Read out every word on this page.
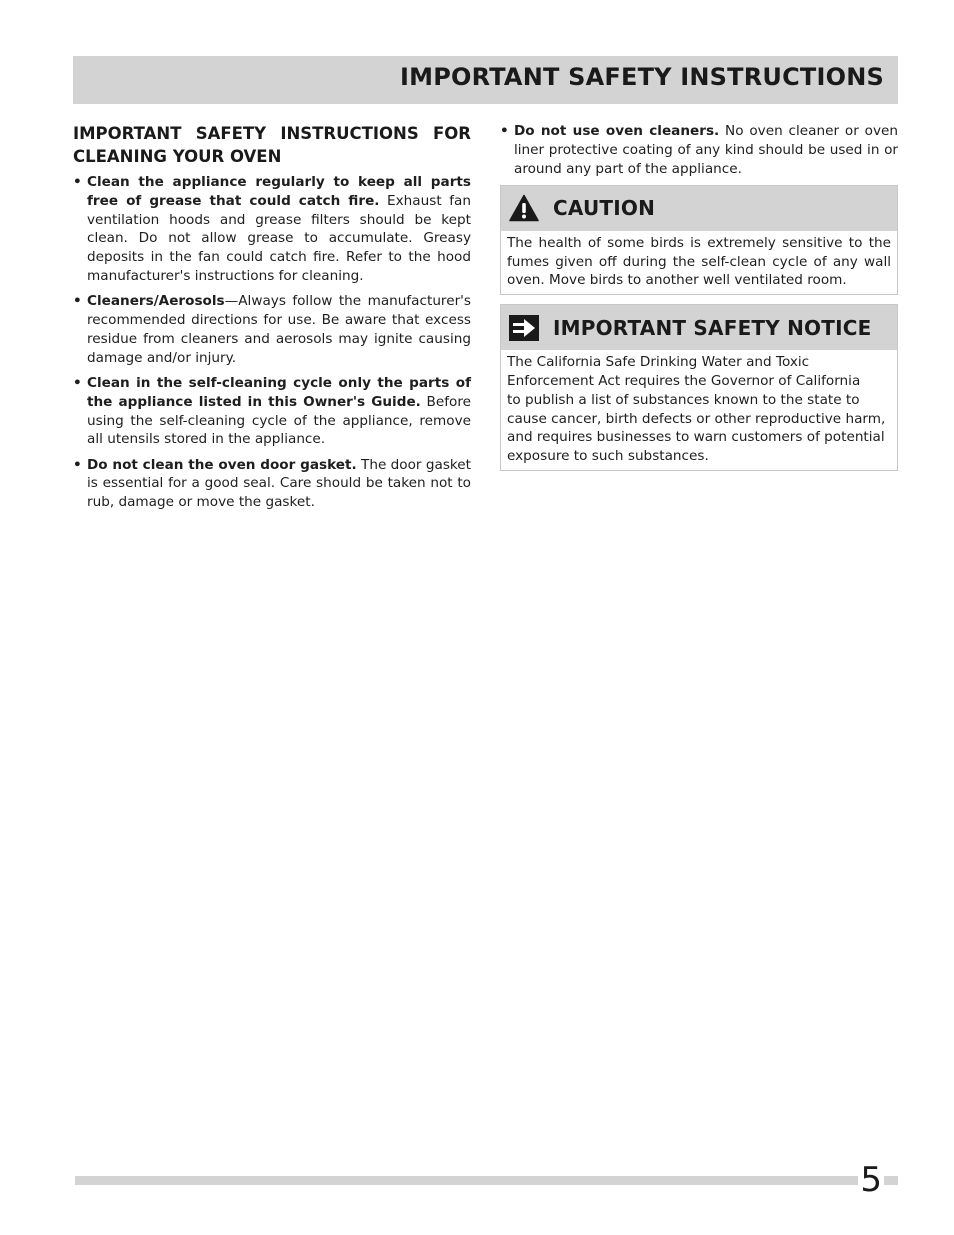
IMPORTANT SAFETY INSTRUCTIONS
IMPORTANT SAFETY INSTRUCTIONS FOR CLEANING YOUR OVEN
• Clean the appliance regularly to keep all parts free of grease that could catch fire. Exhaust fan ventilation hoods and grease filters should be kept clean. Do not allow grease to accumulate. Greasy deposits in the fan could catch fire. Refer to the hood manufacturer's instructions for cleaning.
• Cleaners/Aerosols—Always follow the manufacturer's recommended directions for use. Be aware that excess residue from cleaners and aerosols may ignite causing damage and/or injury.
• Clean in the self-cleaning cycle only the parts of the appliance listed in this Owner's Guide. Before using the self-cleaning cycle of the appliance, remove all utensils stored in the appliance.
• Do not clean the oven door gasket. The door gasket is essential for a good seal. Care should be taken not to rub, damage or move the gasket.
• Do not use oven cleaners. No oven cleaner or oven liner protective coating of any kind should be used in or around any part of the appliance.
CAUTION
The health of some birds is extremely sensitive to the fumes given off during the self-clean cycle of any wall oven. Move birds to another well ventilated room.
IMPORTANT SAFETY NOTICE
The California Safe Drinking Water and Toxic
Enforcement Act requires the Governor of California
to publish a list of substances known to the state to
cause cancer, birth defects or other reproductive harm,
and requires businesses to warn customers of potential
exposure to such substances.
5
